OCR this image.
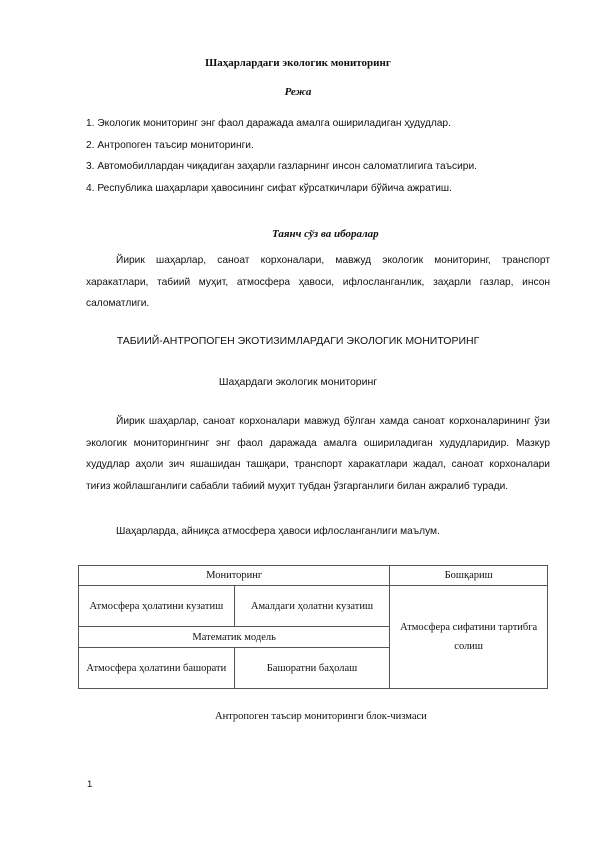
Шаҳарлардаги экологик мониторинг
Режа
1. Экологик мониторинг энг фаол даражада амалга ошириладиган ҳудудлар.
2. Антропоген таъсир мониторинги.
3. Автомобиллардан чиқадиган заҳарли газларнинг инсон саломатлигига таъсири.
4. Республика шаҳарлари ҳавосининг сифат кўрсаткичлари бўйича ажратиш.
Таянч сўз ва иборалар
Йирик шаҳарлар, саноат корхоналари, мавжуд экологик мониторинг, транспорт харакатлари, табиий муҳит, атмосфера ҳавоси, ифлосланганлик, заҳарли газлар, инсон саломатлиги.
ТАБИИЙ-АНТРОПОГЕН ЭКОТИЗИМЛАРДАГИ ЭКОЛОГИК МОНИТОРИНГ
Шаҳардаги экологик мониторинг
Йирик шаҳарлар, саноат корхоналари мавжуд бўлган хамда саноат корхоналарининг ўзи экологик мониторингнинг энг фаол даражада амалга ошириладиган худудларидир. Мазкур худудлар аҳоли зич яшашидан ташқари, транспорт харакатлари жадал, саноат корхоналари тиғиз жойлашганлиги сабабли табиий муҳит тубдан ўзгарганлиги билан ажралиб туради.
Шаҳарларда, айниқса атмосфера ҳавоси ифлосланганлиги маълум.
Мониторинг		Бошқариш
Атмосфера ҳолатини кузатиш	Амалдаги ҳолатни кузатиш	Атмосфера сифатини тартибга солиш
Математик модель		
Атмосфера ҳолатини башорати	Башоратни баҳолаш	
Антропоген таъсир мониторинги блок-чизмаси
1
